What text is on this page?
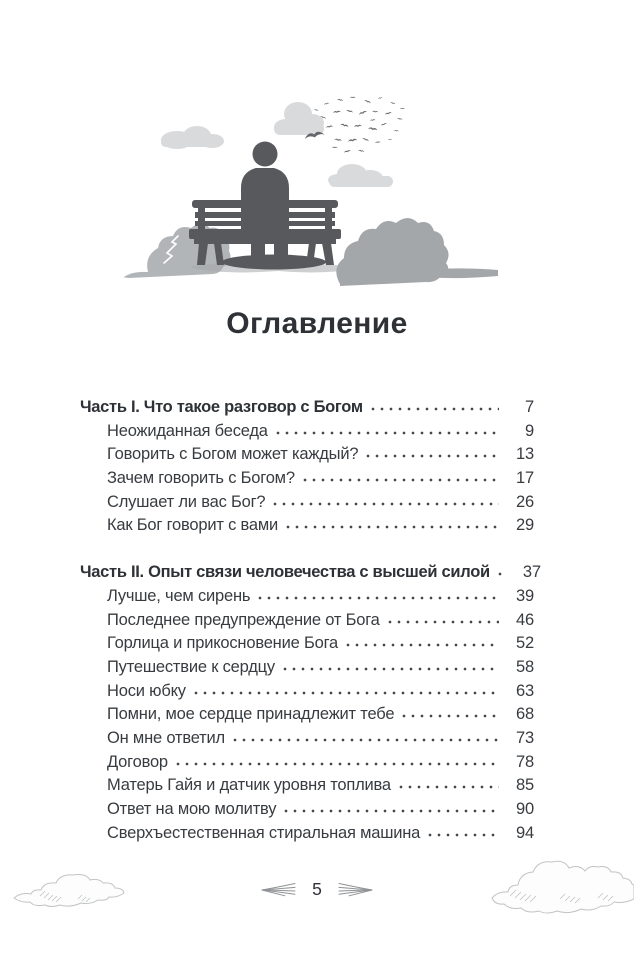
Оглавление
Часть I. Что такое разговор с Богом	7
Неожиданная беседа	9
Говорить с Богом может каждый?	13
Зачем говорить с Богом?	17
Слушает ли вас Бог?	26
Как Бог говорит с вами	29
Часть II. Опыт связи человечества с высшей силой	37
Лучше, чем сирень	39
Последнее предупреждение от Бога	46
Горлица и прикосновение Бога	52
Путешествие к сердцу	58
Носи юбку	63
Помни, мое сердце принадлежит тебе	68
Он мне ответил	73
Договор	78
Матерь Гайя и датчик уровня топлива	85
Ответ на мою молитву	90
Сверхъестественная стиральная машина	94
5
